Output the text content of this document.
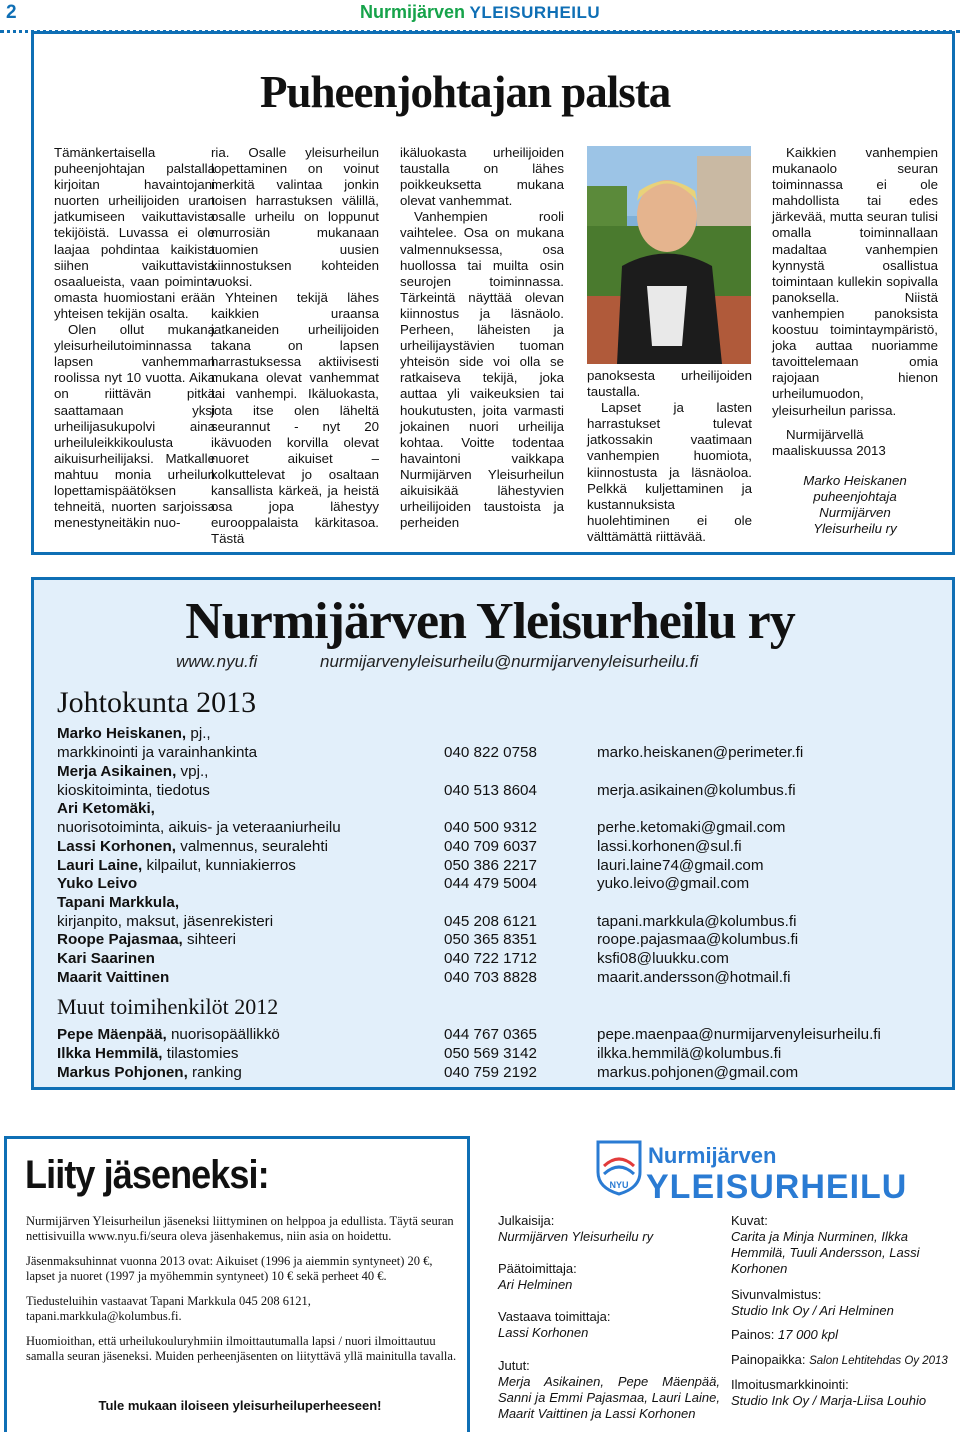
2	Nurmijärven YLEISURHEILU
Puheenjohtajan palsta

Tämänkertaisella puheenjohtajan palstalla kirjoitan havaintojani nuorten urheilijoiden uran jatkumiseen vaikuttavista tekijöistä. Luvassa ei ole laajaa pohdintaa kaikista siihen vaikuttavista osaalueista, vaan poiminta omasta huomiostani erään yhteisen tekijän osalta.

Olen ollut mukana yleisurheilutoiminnassa lapsen vanhemman roolissa nyt 10 vuotta. Aika on riittävän pitkä saattamaan yksi urheilijasukupolvi aina urheiluleikkikoulusta aikuisurheilijaksi. Matkalle mahtuu monia urheilun lopettamispäätöksen tehneitä, nuorten sarjoissa menestyneitäkin nuo-

ria. Osalle yleisurheilun lopettaminen on voinut merkitä valintaa jonkin toisen harrastuksen välillä, osalle urheilu on loppunut murrosiän mukanaan tuomien uusien kiinnostuksen kohteiden vuoksi.

Yhteinen tekijä lähes kaikkien uraansa jatkaneiden urheilijoiden takana on lapsen harrastuksessa aktiivisesti mukana olevat vanhemmat tai vanhempi. Ikäluokasta, jota itse olen läheltä seurannut - nyt 20 ikävuoden korvilla olevat nuoret aikuiset – kolkuttelevat jo osaltaan kansallista kärkeä, ja heistä osa jopa lähestyy eurooppalaista kärkitasoa. Tästä

ikäluokasta urheilijoiden taustalla on lähes poikkeuksetta mukana olevat vanhemmat.

Vanhempien rooli vaihtelee. Osa on mukana valmennuksessa, osa huollossa tai muilta osin seurojen toiminnassa. Tärkeintä näyttää olevan kiinnostus ja läsnäolo. Perheen, läheisten ja urheilijaystävien tuoman yhteisön side voi olla se ratkaiseva tekijä, joka auttaa yli vaikeuksien tai houkutusten, joita varmasti jokainen nuori urheilija kohtaa. Voitte todentaa havaintoni vaikkapa Nurmijärven Yleisurheilun aikuisikää lähestyvien urheilijoiden taustoista ja perheiden

panoksesta urheilijoiden taustalla.

Lapset ja lasten harrastukset tulevat jatkossakin vaatimaan vanhempien huomiota, kiinnostusta ja läsnäoloa. Pelkkä kuljettaminen ja kustannuksista huolehtiminen ei ole välttämättä riittävää.

Kaikkien vanhempien mukanaolo seuran toiminnassa ei ole mahdollista tai edes järkevää, mutta seuran tulisi omalla toiminnallaan madaltaa vanhempien kynnystä osallistua toimintaan kullekin sopivalla panoksella. Niistä vanhempien panoksista koostuu toimintaympäristö, joka auttaa nuoriamme tavoittelemaan omia rajojaan hienon urheilumuodon, yleisurheilun parissa.

Nurmijärvellä maaliskuussa 2013

Marko Heiskanen
puheenjohtaja
Nurmijärven
Yleisurheilu ry
Nurmijärven Yleisurheilu ry
www.nyu.fi	nurmijarvenyleisurheilu@nurmijarvenyleisurheilu.fi
Johtokunta 2013
Marko Heiskanen, pj.,
markkinointi ja varainhankinta	040 822 0758	marko.heiskanen@perimeter.fi
Merja Asikainen, vpj.,
kioskitoiminta, tiedotus	040 513 8604	merja.asikainen@kolumbus.fi
Ari Ketomäki,
nuorisotoiminta, aikuis- ja veteraaniurheilu	040 500 9312	perhe.ketomaki@gmail.com
Lassi Korhonen, valmennus, seuralehti	040 709 6037	lassi.korhonen@sul.fi
Lauri Laine, kilpailut, kunniakierros	050 386 2217	lauri.laine74@gmail.com
Yuko Leivo	044 479 5004	yuko.leivo@gmail.com
Tapani Markkula,
kirjanpito, maksut, jäsenrekisteri	045 208 6121	tapani.markkula@kolumbus.fi
Roope Pajasmaa, sihteeri	050 365 8351	roope.pajasmaa@kolumbus.fi
Kari Saarinen	040 722 1712	ksfi08@luukku.com
Maarit Vaittinen	040 703 8828	maarit.andersson@hotmail.fi
Muut toimihenkilöt 2012
Pepe Mäenpää, nuorisopäällikkö	044 767 0365	pepe.maenpaa@nurmijarvenyleisurheilu.fi
Ilkka Hemmilä, tilastomies	050 569 3142	ilkka.hemmilä@kolumbus.fi
Markus Pohjonen, ranking	040 759 2192	markus.pohjonen@gmail.com
Liity jäseneksi:

Nurmijärven Yleisurheilun jäseneksi liittyminen on helppoa ja edullista. Täytä seuran nettisivuilla www.nyu.fi/seura oleva jäsenhakemus, niin asia on hoidettu.

Jäsenmaksuhinnat vuonna 2013 ovat: Aikuiset (1996 ja aiemmin syntyneet) 20 €, lapset ja nuoret (1997 ja myöhemmin syntyneet) 10 € sekä perheet 40 €.

Tiedusteluihin vastaavat Tapani Markkula 045 208 6121, tapani.markkula@kolumbus.fi.

Huomioithan, että urheilukouluryhmiin ilmoittautumalla lapsi / nuori ilmoittautuu samalla seuran jäseneksi. Muiden perheenjäsenten on liityttävä yllä mainitulla tavalla.

Tule mukaan iloiseen yleisurheiluperheeseen!
NYU
Nurmijärven
YLEISURHEILU
Julkaisija:
Nurmijärven Yleisurheilu ry
Päätoimittaja:
Ari Helminen
Vastaava toimittaja:
Lassi Korhonen
Jutut:
Merja Asikainen, Pepe Mäenpää, Sanni ja Emmi Pajasmaa, Lauri Laine, Maarit Vaittinen ja Lassi Korhonen
Kuvat:
Carita ja Minja Nurminen, Ilkka Hemmilä, Tuuli Andersson, Lassi Korhonen
Sivunvalmistus:
Studio Ink Oy / Ari Helminen
Painos: 17 000 kpl
Painopaikka: Salon Lehtitehdas Oy 2013
Ilmoitusmarkkinointi:
Studio Ink Oy / Marja-Liisa Louhio
